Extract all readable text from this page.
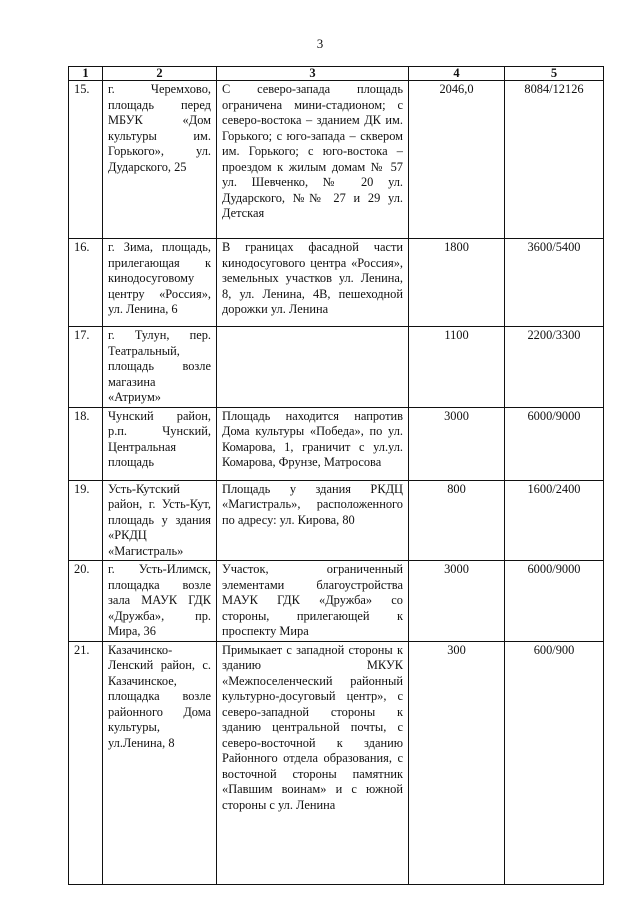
3
1	2	3	4	5
15.	г. Черемхово, площадь перед МБУК «Дом культуры им. Горького», ул. Дударского, 25	С северо-запада площадь ограничена мини-стадионом; с северо-востока – зданием ДК им. Горького; с юго-запада – сквером им. Горького; с юго-востока – проездом к жилым домам № 57 ул. Шевченко, № 20 ул. Дударского, №№ 27 и 29 ул. Детская	2046,0	8084/12126
16.	г. Зима, площадь, прилегающая к кинодосуговому центру «Россия», ул. Ленина, 6	В границах фасадной части кинодосугового центра «Россия», земельных участков ул. Ленина, 8, ул. Ленина, 4В, пешеходной дорожки ул. Ленина	1800	3600/5400
17.	г. Тулун, пер. Театральный, площадь возле магазина «Атриум»		1100	2200/3300
18.	Чунский район, р.п. Чунский, Центральная площадь	Площадь находится напротив Дома культуры «Победа», по ул. Комарова, 1, граничит с ул.ул. Комарова, Фрунзе, Матросова	3000	6000/9000
19.	Усть-Кутский район, г. Усть-Кут, площадь у здания «РКДЦ «Магистраль»	Площадь у здания РКДЦ «Магистраль», расположенного по адресу: ул. Кирова, 80	800	1600/2400
20.	г. Усть-Илимск, площадка возле зала МАУК ГДК «Дружба», пр. Мира, 36	Участок, ограниченный элементами благоустройства МАУК ГДК «Дружба» со стороны, прилегающей к проспекту Мира	3000	6000/9000
21.	Казачинско-Ленский район, с. Казачинское, площадка возле районного Дома культуры, ул.Ленина, 8	Примыкает с западной стороны к зданию МКУК «Межпоселенческий районный культурно-досуговый центр», с северо-западной стороны к зданию центральной почты, с северо-восточной к зданию Районного отдела образования, с восточной стороны памятник «Павшим воинам» и с южной стороны с ул. Ленина	300	600/900
